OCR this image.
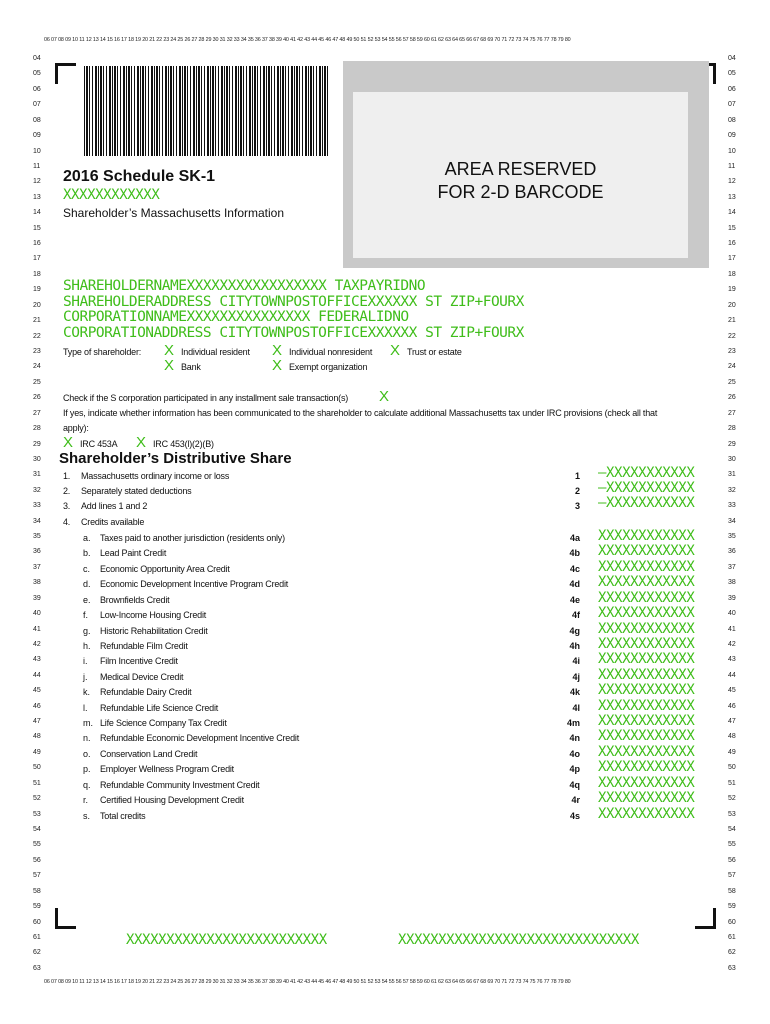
06 07 08 09 10 11 12 13 14 15 16 17 18 19 20 21 22 23 24 25 26 27 28 29 30 31 32 33 34 35 36 37 38 39 40 41 42 43 44 45 46 47 48 49 50 51 52 53 54 55 56 57 58 59 60 61 62 63 64 65 66 67 68 69 70 71 72 73 74 75 76 77 78 79 80
06 07 08 09 10 11 12 13 14 15 16 17 18 19 20 21 22 23 24 25 26 27 28 29 30 31 32 33 34 35 36 37 38 39 40 41 42 43 44 45 46 47 48 49 50 51 52 53 54 55 56 57 58 59 60 61 62 63 64 65 66 67 68 69 70 71 72 73 74 75 76 77 78 79 80
04
05
06
07
08
09
10
11
12
13
14
15
16
17
18
19
20
21
22
23
24
25
26
27
28
29
30
31
32
33
34
35
36
37
38
39
40
41
42
43
44
45
46
47
48
49
50
51
52
53
54
55
56
57
58
59
60
61
62
63
04
05
06
07
08
09
10
11
12
13
14
15
16
17
18
19
20
21
22
23
24
25
26
27
28
29
30
31
32
33
34
35
36
37
38
39
40
41
42
43
44
45
46
47
48
49
50
51
52
53
54
55
56
57
58
59
60
61
62
63
AREA RESERVED
FOR 2-D BARCODE
2016 Schedule SK-1
XXXXXXXXXXXX
Shareholder’s Massachusetts Information
SHAREHOLDERNAMEXXXXXXXXXXXXXXXXX TAXPAYRIDNO
SHAREHOLDERADDRESS CITYTOWNPOSTOFFICEXXXXXX ST ZIP+FOURX
CORPORATIONNAMEXXXXXXXXXXXXXXX FEDERALIDNO
CORPORATIONADDRESS CITYTOWNPOSTOFFICEXXXXXX ST ZIP+FOURX
Type of shareholder: X Individual resident X Individual nonresident X Trust or estate
X Bank	X Exempt organization
Check if the S corporation participated in any installment sale transaction(s) X
If yes, indicate whether information has been communicated to the shareholder to calculate additional Massachusetts tax under IRC provisions (check all that
apply):
X IRC 453A X IRC 453(l)(2)(B)
Shareholder’s Distributive Share
1. Massachusetts ordinary income or loss	1 –XXXXXXXXXXX
2. Separately stated deductions	2 –XXXXXXXXXXX
3. Add lines 1 and 2	3 –XXXXXXXXXXX
4. Credits available
a. Taxes paid to another jurisdiction (residents only)	4a XXXXXXXXXXXX
b. Lead Paint Credit	4b XXXXXXXXXXXX
c. Economic Opportunity Area Credit	4c XXXXXXXXXXXX
d. Economic Development Incentive Program Credit	4d XXXXXXXXXXXX
e. Brownfields Credit	4e XXXXXXXXXXXX
f. Low-Income Housing Credit	4f XXXXXXXXXXXX
g. Historic Rehabilitation Credit	4g XXXXXXXXXXXX
h. Refundable Film Credit	4h XXXXXXXXXXXX
i. Film Incentive Credit	4i XXXXXXXXXXXX
j. Medical Device Credit	4j XXXXXXXXXXXX
k. Refundable Dairy Credit	4k XXXXXXXXXXXX
l. Refundable Life Science Credit	4l XXXXXXXXXXXX
m. Life Science Company Tax Credit	4m XXXXXXXXXXXX
n. Refundable Economic Development Incentive Credit	4n XXXXXXXXXXXX
o. Conservation Land Credit	4o XXXXXXXXXXXX
p. Employer Wellness Program Credit	4p XXXXXXXXXXXX
q. Refundable Community Investment Credit	4q XXXXXXXXXXXX
r. Certified Housing Development Credit	4r XXXXXXXXXXXX
s. Total credits	4s XXXXXXXXXXXX
XXXXXXXXXXXXXXXXXXXXXXXXX	XXXXXXXXXXXXXXXXXXXXXXXXXXXXXX
